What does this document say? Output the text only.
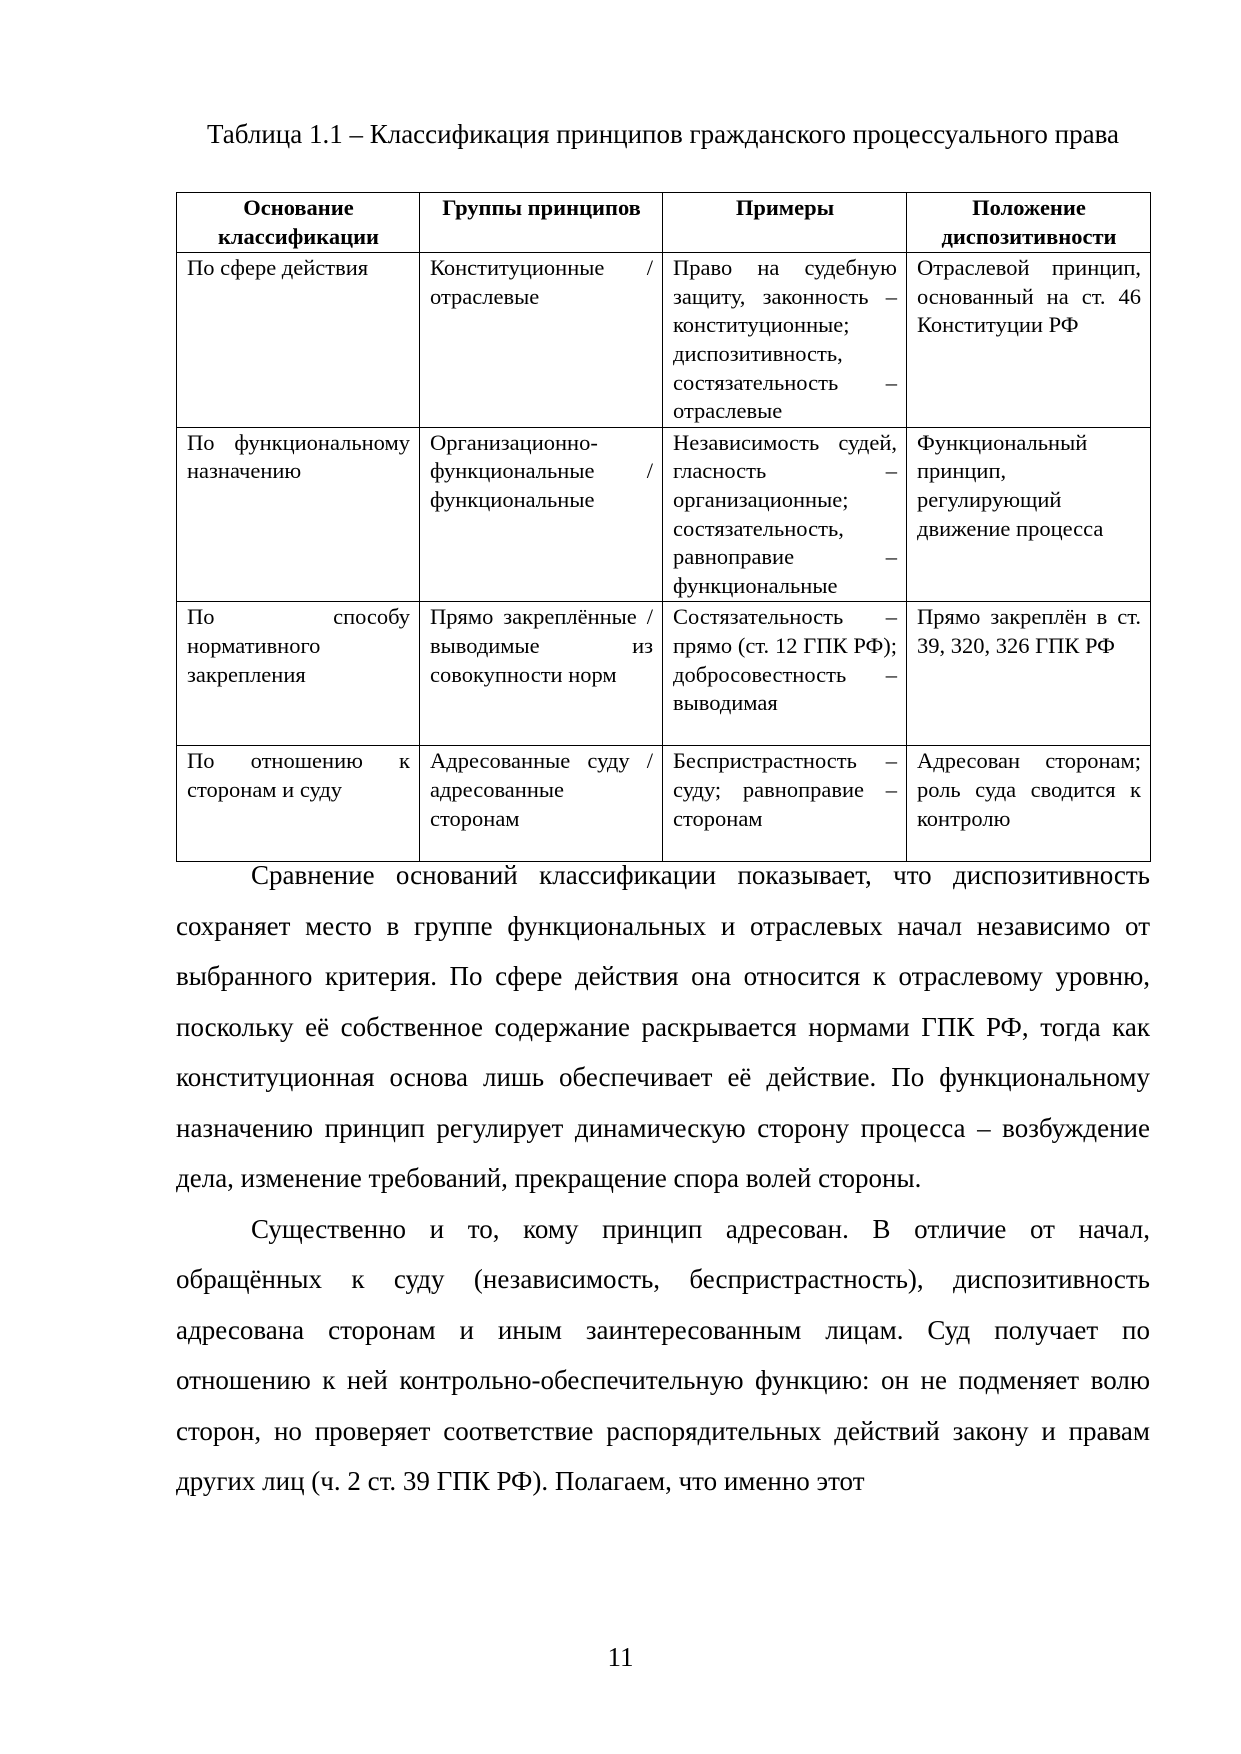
Таблица 1.1 – Классификация принципов гражданского процессуального права
Основание классификации	Группы принципов	Примеры	Положение диспозитивности
По сфере действия	Конституционные / отраслевые	Право на судебную защиту, законность – конституционные; диспозитивность, состязательность – отраслевые	Отраслевой принцип, основанный на ст. 46 Конституции РФ
По функциональному назначению	Организационно-функциональные / функциональные	Независимость судей, гласность – организационные; состязательность, равноправие – функциональные	Функциональный принцип, регулирующий движение процесса
По способу нормативного закрепления	Прямо закреплённые / выводимые из совокупности норм	Состязательность – прямо (ст. 12 ГПК РФ); добросовестность – выводимая	Прямо закреплён в ст. 39, 320, 326 ГПК РФ
По отношению к сторонам и суду	Адресованные суду / адресованные сторонам	Беспристрастность – суду; равноправие – сторонам	Адресован сторонам; роль суда сводится к контролю

Сравнение оснований классификации показывает, что диспозитивность сохраняет место в группе функциональных и отраслевых начал независимо от выбранного критерия. По сфере действия она относится к отраслевому уровню, поскольку её собственное содержание раскрывается нормами ГПК РФ, тогда как конституционная основа лишь обеспечивает её действие. По функциональному назначению принцип регулирует динамическую сторону процесса – возбуждение дела, изменение требований, прекращение спора волей стороны.

Существенно и то, кому принцип адресован. В отличие от начал, обращённых к суду (независимость, беспристрастность), диспозитивность адресована сторонам и иным заинтересованным лицам. Суд получает по отношению к ней контрольно-обеспечительную функцию: он не подменяет волю сторон, но проверяет соответствие распорядительных действий закону и правам других лиц (ч. 2 ст. 39 ГПК РФ). Полагаем, что именно этот

11
